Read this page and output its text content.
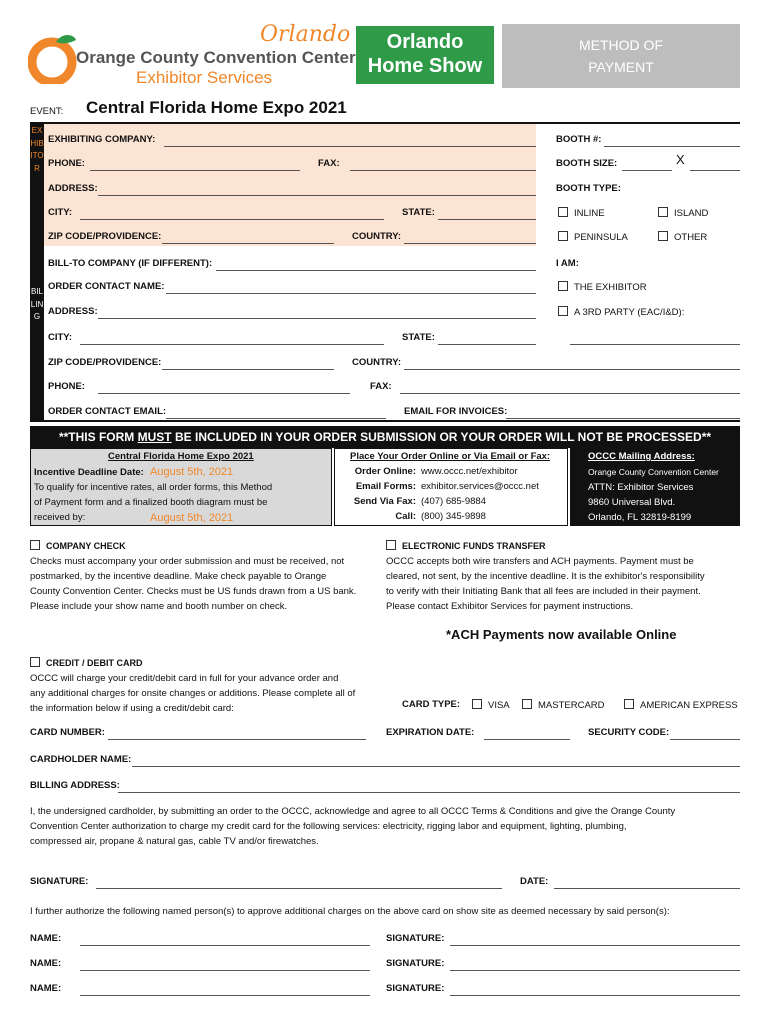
Orlando
Orange County Convention Center
Exhibitor Services
Orlando
Home Show
METHOD OF PAYMENT
EVENT: Central Florida Home Expo 2021
EXHIBITOR
EXHIBITING COMPANY:
PHONE:	FAX:
ADDRESS:
CITY:	STATE:
ZIP CODE/PROVIDENCE:	COUNTRY:
BOOTH #:
BOOTH SIZE:	X
BOOTH TYPE:
INLINE	ISLAND
PENINSULA	OTHER
BILLING
BILL-TO COMPANY (IF DIFFERENT):
ORDER CONTACT NAME:
ADDRESS:
CITY:	STATE:
ZIP CODE/PROVIDENCE:	COUNTRY:
PHONE:	FAX:
ORDER CONTACT EMAIL:	EMAIL FOR INVOICES:
I AM:
THE EXHIBITOR
A 3RD PARTY (EAC/I&D):
**THIS FORM MUST BE INCLUDED IN YOUR ORDER SUBMISSION OR YOUR ORDER WILL NOT BE PROCESSED**
Central Florida Home Expo 2021
Incentive Deadline Date: August 5th, 2021
To qualify for incentive rates, all order forms, this Method
of Payment form and a finalized booth diagram must be
received by:	August 5th, 2021
Place Your Order Online or Via Email or Fax:
Order Online: www.occc.net/exhibitor
Email Forms: exhibitor.services@occc.net
Send Via Fax: (407) 685-9884
Call: (800) 345-9898
OCCC Mailing Address:
Orange County Convention Center
ATTN: Exhibitor Services
9860 Universal Blvd.
Orlando, FL 32819-8199
COMPANY CHECK
Checks must accompany your order submission and must be received, not
postmarked, by the incentive deadline. Make check payable to Orange
County Convention Center. Checks must be US funds drawn from a US bank.
Please include your show name and booth number on check.
ELECTRONIC FUNDS TRANSFER
OCCC accepts both wire transfers and ACH payments. Payment must be
cleared, not sent, by the incentive deadline. It is the exhibitor's responsibility
to verify with their Initiating Bank that all fees are included in their payment.
Please contact Exhibitor Services for payment instructions.
*ACH Payments now available Online
CREDIT / DEBIT CARD
OCCC will charge your credit/debit card in full for your advance order and
any additional charges for onsite changes or additions. Please complete all of
the information below if using a credit/debit card:	CARD TYPE:	VISA	MASTERCARD	AMERICAN EXPRESS
CARD NUMBER:	EXPIRATION DATE:	SECURITY CODE:
CARDHOLDER NAME:
BILLING ADDRESS:
I, the undersigned cardholder, by submitting an order to the OCCC, acknowledge and agree to all OCCC Terms & Conditions and give the Orange County
Convention Center authorization to charge my credit card for the following services: electricity, rigging labor and equipment, lighting, plumbing,
compressed air, propane & natural gas, cable TV and/or firewatches.
SIGNATURE:	DATE:
I further authorize the following named person(s) to approve additional charges on the above card on show site as deemed necessary by said person(s):
NAME:	SIGNATURE:
NAME:	SIGNATURE:
NAME:	SIGNATURE:
